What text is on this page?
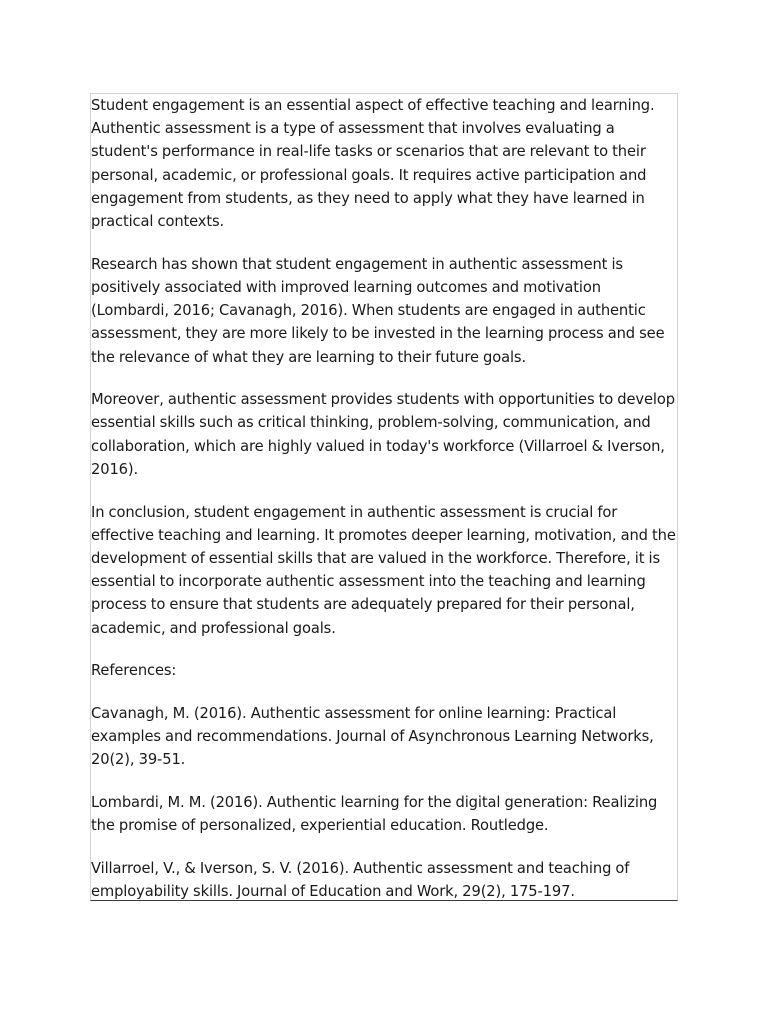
Student engagement is an essential aspect of effective teaching and learning. Authentic assessment is a type of assessment that involves evaluating a student's performance in real-life tasks or scenarios that are relevant to their personal, academic, or professional goals. It requires active participation and engagement from students, as they need to apply what they have learned in practical contexts.

Research has shown that student engagement in authentic assessment is positively associated with improved learning outcomes and motivation (Lombardi, 2016; Cavanagh, 2016). When students are engaged in authentic assessment, they are more likely to be invested in the learning process and see the relevance of what they are learning to their future goals.

Moreover, authentic assessment provides students with opportunities to develop essential skills such as critical thinking, problem-solving, communication, and collaboration, which are highly valued in today's workforce (Villarroel & Iverson, 2016).

In conclusion, student engagement in authentic assessment is crucial for effective teaching and learning. It promotes deeper learning, motivation, and the development of essential skills that are valued in the workforce. Therefore, it is essential to incorporate authentic assessment into the teaching and learning process to ensure that students are adequately prepared for their personal, academic, and professional goals.

References:

Cavanagh, M. (2016). Authentic assessment for online learning: Practical examples and recommendations. Journal of Asynchronous Learning Networks, 20(2), 39-51.

Lombardi, M. M. (2016). Authentic learning for the digital generation: Realizing the promise of personalized, experiential education. Routledge.

Villarroel, V., & Iverson, S. V. (2016). Authentic assessment and teaching of employability skills. Journal of Education and Work, 29(2), 175-197.
